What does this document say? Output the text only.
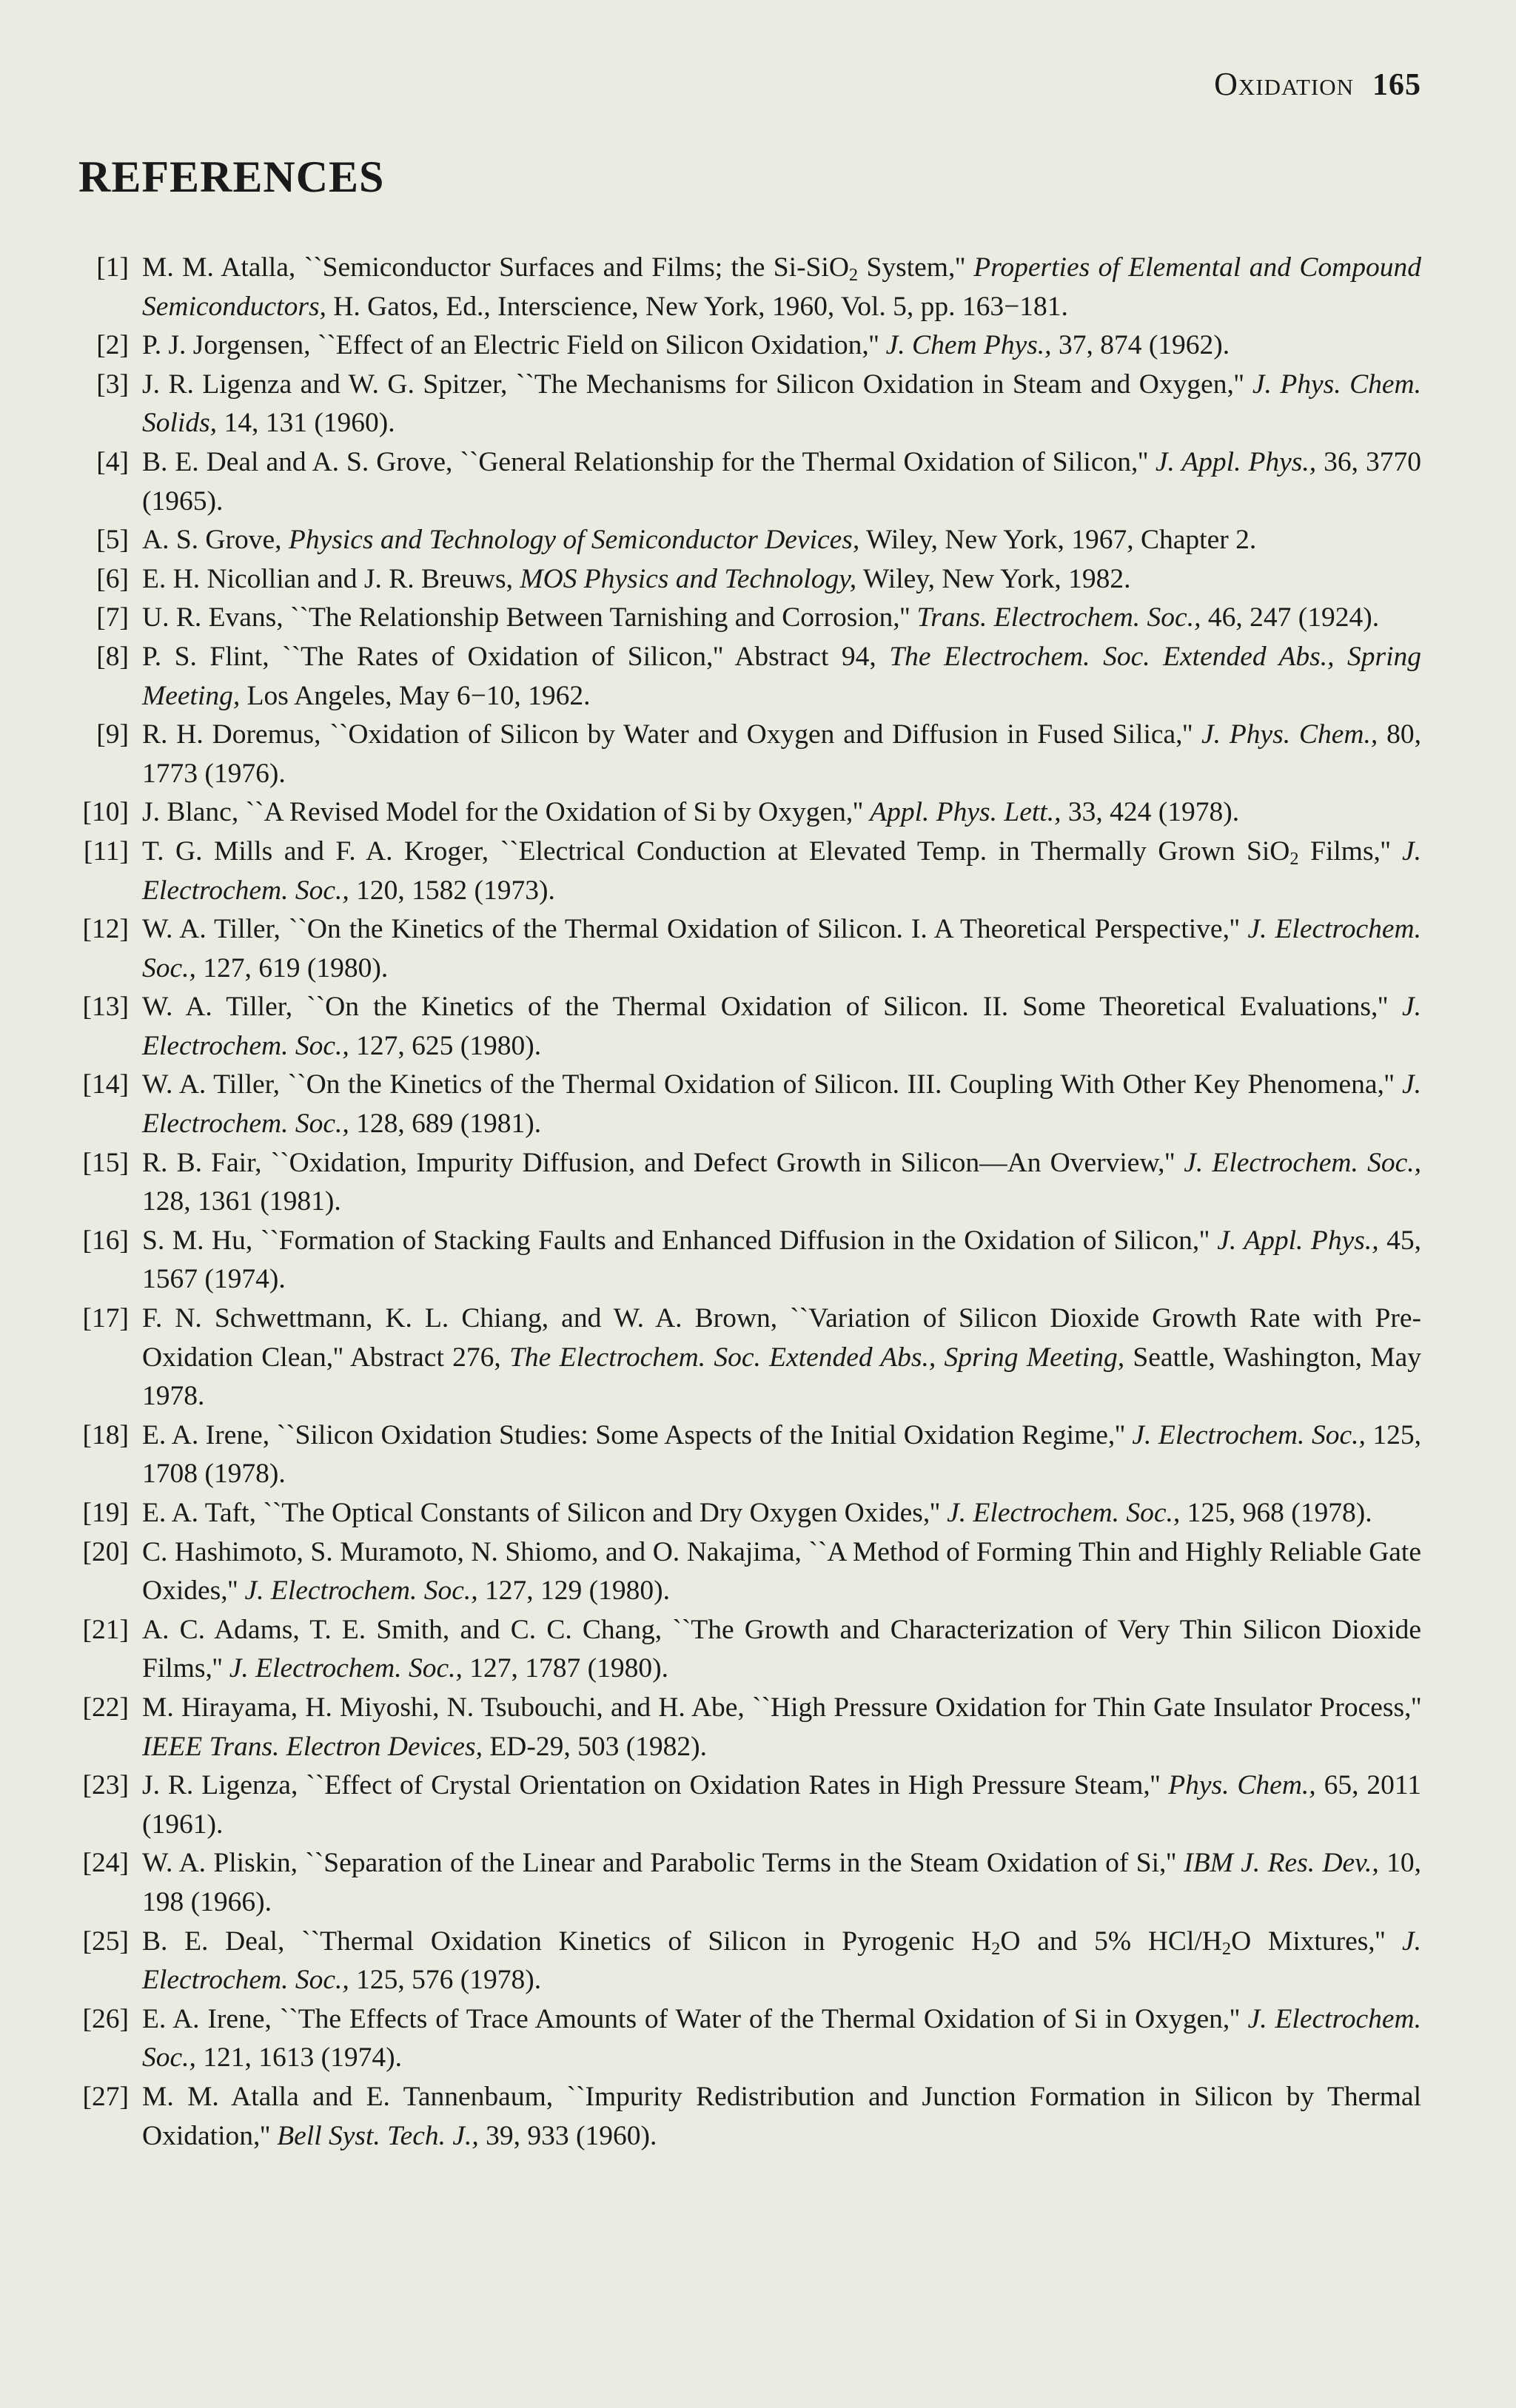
Oxidation 165
REFERENCES
[1] M. M. Atalla, ``Semiconductor Surfaces and Films; the Si-SiO$_2$ System,'' Properties of Elemental and Compound Semiconductors, H. Gatos, Ed., Interscience, New York, 1960, Vol. 5, pp. 163−181.
[2] P. J. Jorgensen, ``Effect of an Electric Field on Silicon Oxidation,'' J. Chem Phys., 37, 874 (1962).
[3] J. R. Ligenza and W. G. Spitzer, ``The Mechanisms for Silicon Oxidation in Steam and Oxygen,'' J. Phys. Chem. Solids, 14, 131 (1960).
[4] B. E. Deal and A. S. Grove, ``General Relationship for the Thermal Oxidation of Silicon,'' J. Appl. Phys., 36, 3770 (1965).
[5] A. S. Grove, Physics and Technology of Semiconductor Devices, Wiley, New York, 1967, Chapter 2.
[6] E. H. Nicollian and J. R. Breuws, MOS Physics and Technology, Wiley, New York, 1982.
[7] U. R. Evans, ``The Relationship Between Tarnishing and Corrosion,'' Trans. Electrochem. Soc., 46, 247 (1924).
[8] P. S. Flint, ``The Rates of Oxidation of Silicon,'' Abstract 94, The Electrochem. Soc. Extended Abs., Spring Meeting, Los Angeles, May 6−10, 1962.
[9] R. H. Doremus, ``Oxidation of Silicon by Water and Oxygen and Diffusion in Fused Silica,'' J. Phys. Chem., 80, 1773 (1976).
[10] J. Blanc, ``A Revised Model for the Oxidation of Si by Oxygen,'' Appl. Phys. Lett., 33, 424 (1978).
[11] T. G. Mills and F. A. Kroger, ``Electrical Conduction at Elevated Temp. in Thermally Grown SiO$_2$ Films,'' J. Electrochem. Soc., 120, 1582 (1973).
[12] W. A. Tiller, ``On the Kinetics of the Thermal Oxidation of Silicon. I. A Theoretical Perspective,'' J. Electrochem. Soc., 127, 619 (1980).
[13] W. A. Tiller, ``On the Kinetics of the Thermal Oxidation of Silicon. II. Some Theoretical Evaluations,'' J. Electrochem. Soc., 127, 625 (1980).
[14] W. A. Tiller, ``On the Kinetics of the Thermal Oxidation of Silicon. III. Coupling With Other Key Phenomena,'' J. Electrochem. Soc., 128, 689 (1981).
[15] R. B. Fair, ``Oxidation, Impurity Diffusion, and Defect Growth in Silicon—An Overview,'' J. Electrochem. Soc., 128, 1361 (1981).
[16] S. M. Hu, ``Formation of Stacking Faults and Enhanced Diffusion in the Oxidation of Silicon,'' J. Appl. Phys., 45, 1567 (1974).
[17] F. N. Schwettmann, K. L. Chiang, and W. A. Brown, ``Variation of Silicon Dioxide Growth Rate with Pre-Oxidation Clean,'' Abstract 276, The Electrochem. Soc. Extended Abs., Spring Meeting, Seattle, Washington, May 1978.
[18] E. A. Irene, ``Silicon Oxidation Studies: Some Aspects of the Initial Oxidation Regime,'' J. Electrochem. Soc., 125, 1708 (1978).
[19] E. A. Taft, ``The Optical Constants of Silicon and Dry Oxygen Oxides,'' J. Electrochem. Soc., 125, 968 (1978).
[20] C. Hashimoto, S. Muramoto, N. Shiomo, and O. Nakajima, ``A Method of Forming Thin and Highly Reliable Gate Oxides,'' J. Electrochem. Soc., 127, 129 (1980).
[21] A. C. Adams, T. E. Smith, and C. C. Chang, ``The Growth and Characterization of Very Thin Silicon Dioxide Films,'' J. Electrochem. Soc., 127, 1787 (1980).
[22] M. Hirayama, H. Miyoshi, N. Tsubouchi, and H. Abe, ``High Pressure Oxidation for Thin Gate Insulator Process,'' IEEE Trans. Electron Devices, ED-29, 503 (1982).
[23] J. R. Ligenza, ``Effect of Crystal Orientation on Oxidation Rates in High Pressure Steam,'' Phys. Chem., 65, 2011 (1961).
[24] W. A. Pliskin, ``Separation of the Linear and Parabolic Terms in the Steam Oxidation of Si,'' IBM J. Res. Dev., 10, 198 (1966).
[25] B. E. Deal, ``Thermal Oxidation Kinetics of Silicon in Pyrogenic $H_2O$ and 5% HCl/$H_2O$ Mixtures,'' J. Electrochem. Soc., 125, 576 (1978).
[26] E. A. Irene, ``The Effects of Trace Amounts of Water of the Thermal Oxidation of Si in Oxygen,'' J. Electrochem. Soc., 121, 1613 (1974).
[27] M. M. Atalla and E. Tannenbaum, ``Impurity Redistribution and Junction Formation in Silicon by Thermal Oxidation,'' Bell Syst. Tech. J., 39, 933 (1960).
